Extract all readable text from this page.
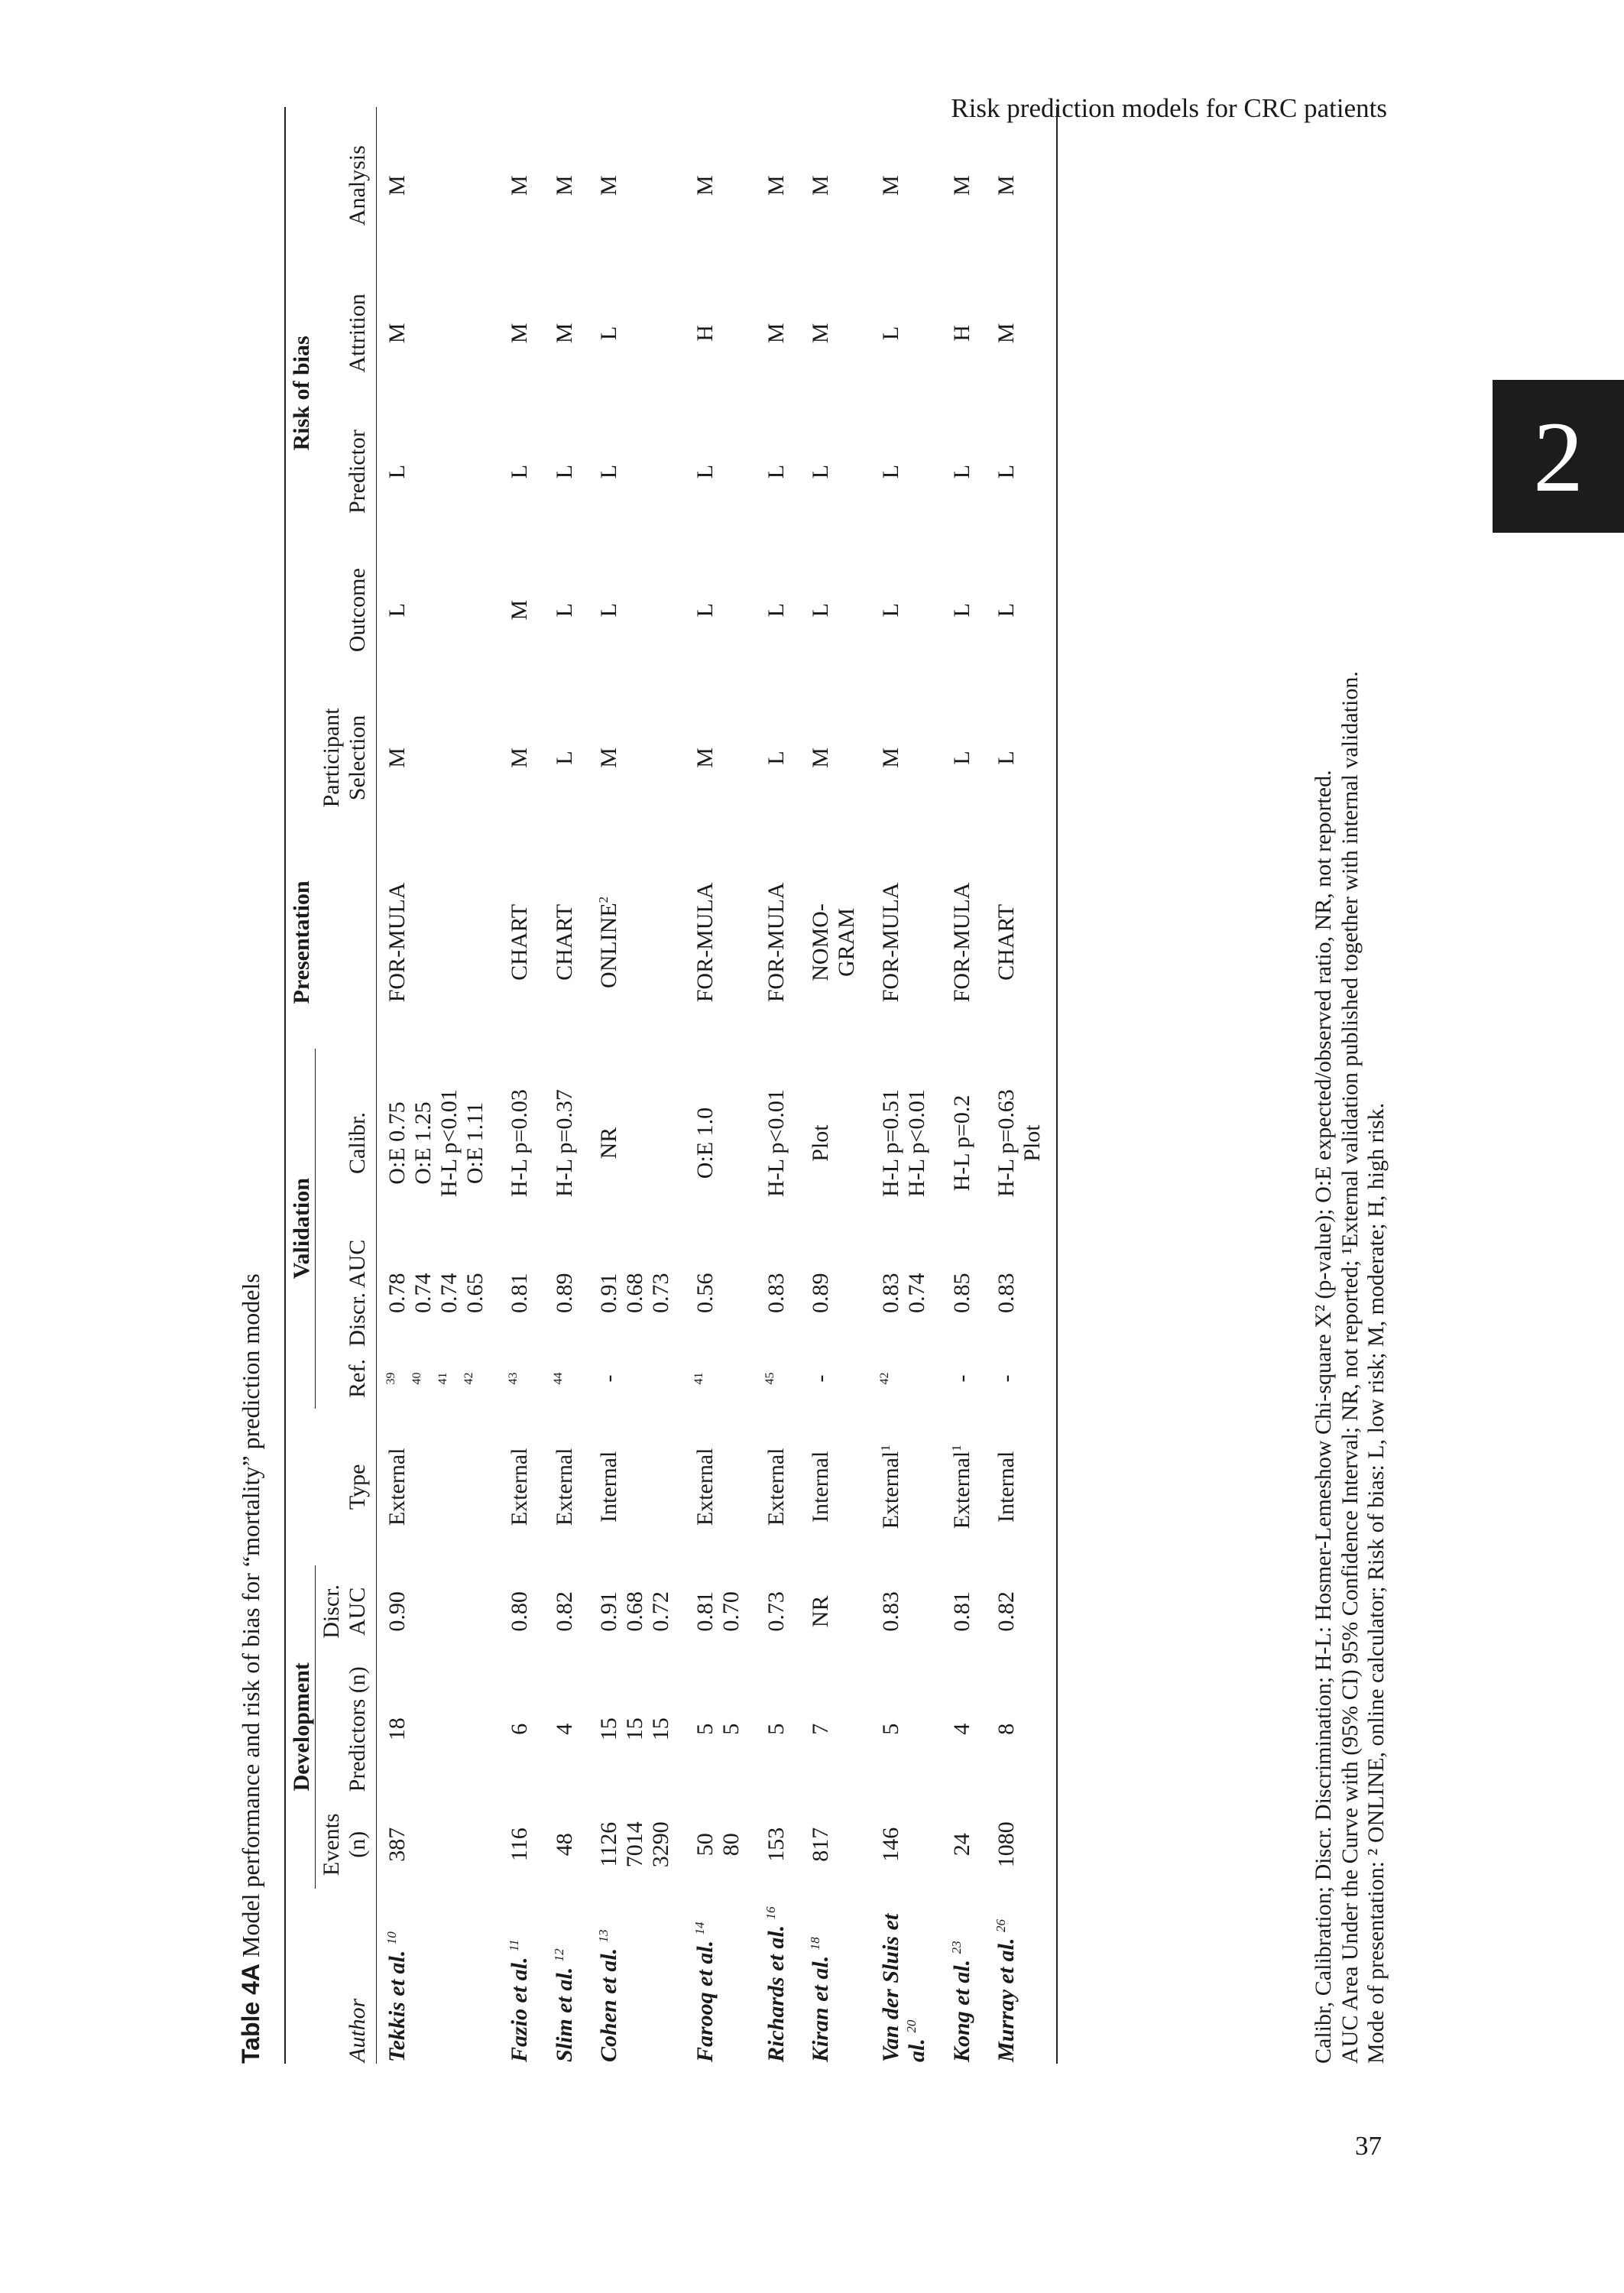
Risk prediction models for CRC patients
2
37
Table 4A Model performance and risk of bias for “mortality” prediction models
	Development				Validation			Presentation		Risk of bias			
Author	Events (n)	Predictors (n)	Discr. AUC	Type	Ref.	Discr. AUC	Calibr.		Participant Selection	Outcome	Predictor	Attrition	Analysis
Tekkis et al. $^{10}$	387	18	0.90	External	$^{39}$ $^{40}$ $^{41}$ $^{42}$	0.78
0.74
0.74
0.65	O:E 0.75
O:E 1.25
H-L p<0.01
O:E 1.11	FOR-MULA	M	L	L	M	M
Fazio et al. $^{11}$	116	6	0.80	External	$^{43}$	0.81	H-L p=0.03	CHART	M	M	L	M	M
Slim et al. $^{12}$	48	4	0.82	External	$^{44}$	0.89	H-L p=0.37	CHART	L	L	L	M	M
Cohen et al. $^{13}$	1126
7014
3290	15
15
15	0.91
0.68
0.72	Internal	-	0.91
0.68
0.73	NR	ONLINE$^2$	M	L	L	L	M
Farooq et al. $^{14}$	50
80	5
5	0.81
0.70	External	$^{41}$	0.56	O:E 1.0	FOR-MULA	M	L	L	H	M
Richards et al. $^{16}$	153	5	0.73	External	$^{45}$	0.83	H-L p<0.01	FOR-MULA	L	L	L	M	M
Kiran et al. $^{18}$	817	7	NR	Internal	-	0.89	Plot	NOMO-
GRAM	M	L	L	M	M
Van der Sluis et al. $^{20}$	146	5	0.83	External$^1$	$^{42}$	0.83
0.74	H-L p=0.51
H-L p<0.01	FOR-MULA	M	L	L	L	M
Kong et al. $^{23}$	24	4	0.81	External$^1$	-	0.85	H-L p=0.2	FOR-MULA	L	L	L	H	M
Murray et al. $^{26}$	1080	8	0.82	Internal	-	0.83	H-L p=0.63
Plot	CHART	L	L	L	M	M
Calibr, Calibration; Discr. Discrimination; H-L: Hosmer-Lemeshow Chi-square X² (p-value); O:E expected/observed ratio, NR, not reported. AUC Area Under the Curve with (95% CI) 95% Confidence Interval; NR, not reported; ¹External validation published together with internal validation. Mode of presentation: ² ONLINE, online calculator; Risk of bias: L, low risk; M, moderate; H, high risk.
